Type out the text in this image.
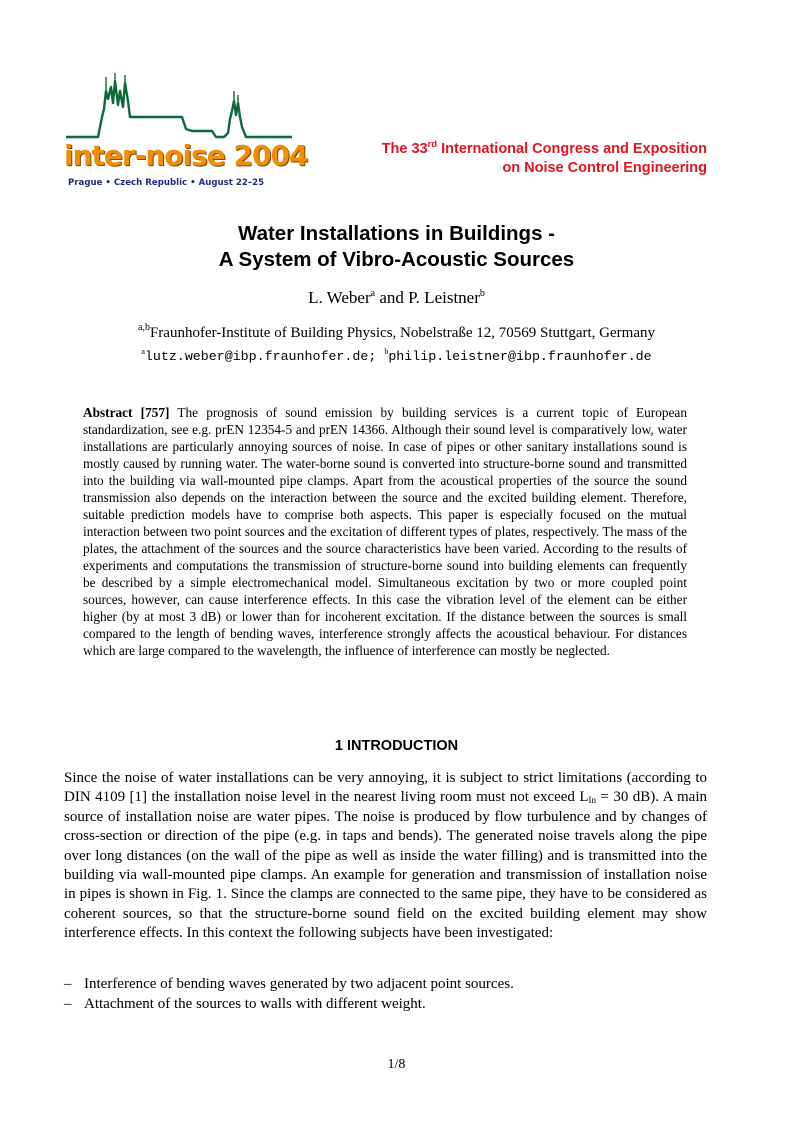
inter-noise 2004
Prague • Czech Republic • August 22–25
The 33rd International Congress and Exposition
on Noise Control Engineering
Water Installations in Buildings -
A System of Vibro-Acoustic Sources
L. Weber$^a$ and P. Leistner$^b$
$^{a,b}$Fraunhofer-Institute of Building Physics, Nobelstraße 12, 70569 Stuttgart, Germany
$^a$lutz.weber@ibp.fraunhofer.de; $^b$philip.leistner@ibp.fraunhofer.de

Abstract [757] The prognosis of sound emission by building services is a current topic of European standardization, see e.g. prEN 12354-5 and prEN 14366. Although their sound level is comparatively low, water installations are particularly annoying sources of noise. In case of pipes or other sanitary installations sound is mostly caused by running water. The water-borne sound is converted into structure-borne sound and transmitted into the building via wall-mounted pipe clamps. Apart from the acoustical properties of the source the sound transmission also depends on the interaction between the source and the excited building element. Therefore, suitable prediction models have to comprise both aspects. This paper is especially focused on the mutual interaction between two point sources and the excitation of different types of plates, respectively. The mass of the plates, the attachment of the sources and the source characteristics have been varied. According to the results of experiments and computations the transmission of structure-borne sound into building elements can frequently be described by a simple electromechanical model. Simultaneous excitation by two or more coupled point sources, however, can cause interference effects. In this case the vibration level of the element can be either higher (by at most 3 dB) or lower than for incoherent excitation. If the distance between the sources is small compared to the length of bending waves, interference strongly affects the acoustical behaviour. For distances which are large compared to the wavelength, the influence of interference can mostly be neglected.

1 INTRODUCTION

Since the noise of water installations can be very annoying, it is subject to strict limitations (according to DIN 4109 [1] the installation noise level in the nearest living room must not exceed $L_{In} = 30$ dB). A main source of installation noise are water pipes. The noise is produced by flow turbulence and by changes of cross-section or direction of the pipe (e.g. in taps and bends). The generated noise travels along the pipe over long distances (on the wall of the pipe as well as inside the water filling) and is transmitted into the building via wall-mounted pipe clamps. An example for generation and transmission of installation noise in pipes is shown in Fig. 1. Since the clamps are connected to the same pipe, they have to be considered as coherent sources, so that the structure-borne sound field on the excited building element may show interference effects. In this context the following subjects have been investigated:

– Interference of bending waves generated by two adjacent point sources.
– Attachment of the sources to walls with different weight.
1/8
